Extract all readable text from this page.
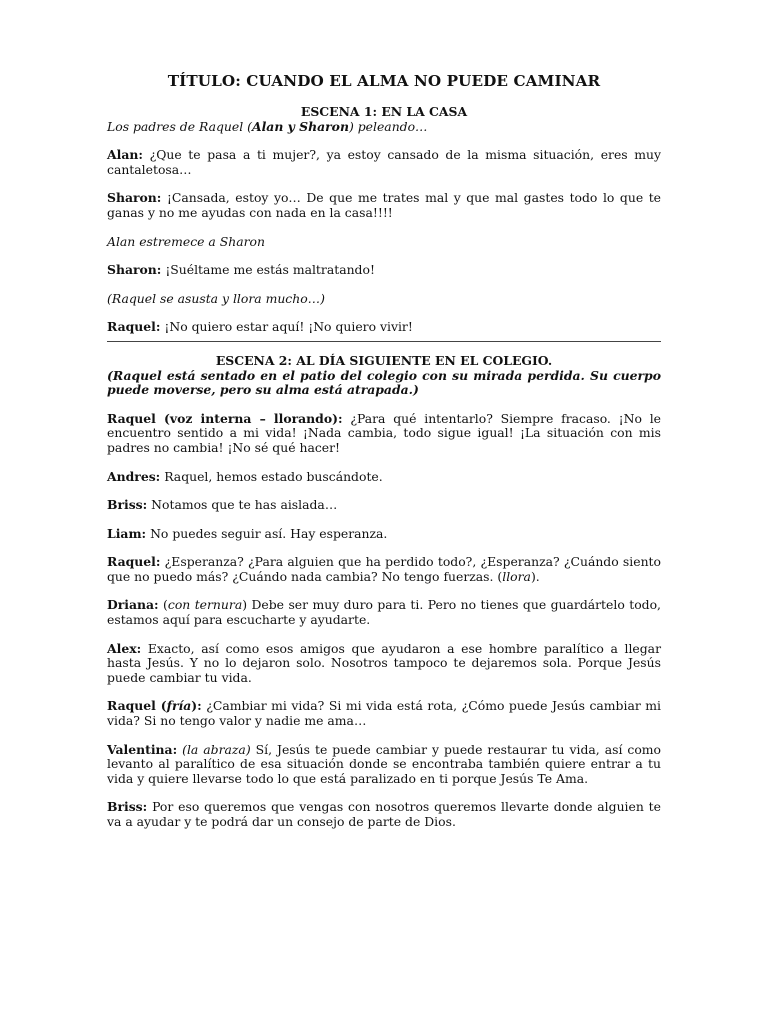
TÍTULO: CUANDO EL ALMA NO PUEDE CAMINAR

ESCENA 1: EN LA CASA

Los padres de Raquel (Alan y Sharon) peleando…

Alan: ¿Que te pasa a ti mujer?, ya estoy cansado de la misma situación, eres muy cantaletosa…

Sharon: ¡Cansada, estoy yo… De que me trates mal y que mal gastes todo lo que te ganas y no me ayudas con nada en la casa!!!!

Alan estremece a Sharon

Sharon: ¡Suéltame me estás maltratando!

(Raquel se asusta y llora mucho…)

Raquel: ¡No quiero estar aquí! ¡No quiero vivir!

ESCENA 2: AL DÍA SIGUIENTE EN EL COLEGIO.

(Raquel está sentado en el patio del colegio con su mirada perdida. Su cuerpo puede moverse, pero su alma está atrapada.)

Raquel (voz interna – llorando): ¿Para qué intentarlo? Siempre fracaso. ¡No le encuentro sentido a mi vida! ¡Nada cambia, todo sigue igual! ¡La situación con mis padres no cambia! ¡No sé qué hacer!

Andres: Raquel, hemos estado buscándote.

Briss: Notamos que te has aislada…

Liam: No puedes seguir así. Hay esperanza.

Raquel: ¿Esperanza? ¿Para alguien que ha perdido todo?, ¿Esperanza? ¿Cuándo siento que no puedo más? ¿Cuándo nada cambia? No tengo fuerzas. (llora).

Driana: (con ternura) Debe ser muy duro para ti. Pero no tienes que guardártelo todo, estamos aquí para escucharte y ayudarte.

Alex: Exacto, así como esos amigos que ayudaron a ese hombre paralítico a llegar hasta Jesús. Y no lo dejaron solo. Nosotros tampoco te dejaremos sola. Porque Jesús puede cambiar tu vida.

Raquel (fría): ¿Cambiar mi vida? Si mi vida está rota, ¿Cómo puede Jesús cambiar mi vida? Si no tengo valor y nadie me ama…

Valentina: (la abraza) Sí, Jesús te puede cambiar y puede restaurar tu vida, así como levanto al paralítico de esa situación donde se encontraba también quiere entrar a tu vida y quiere llevarse todo lo que está paralizado en ti porque Jesús Te Ama.

Briss: Por eso queremos que vengas con nosotros queremos llevarte donde alguien te va a ayudar y te podrá dar un consejo de parte de Dios.
